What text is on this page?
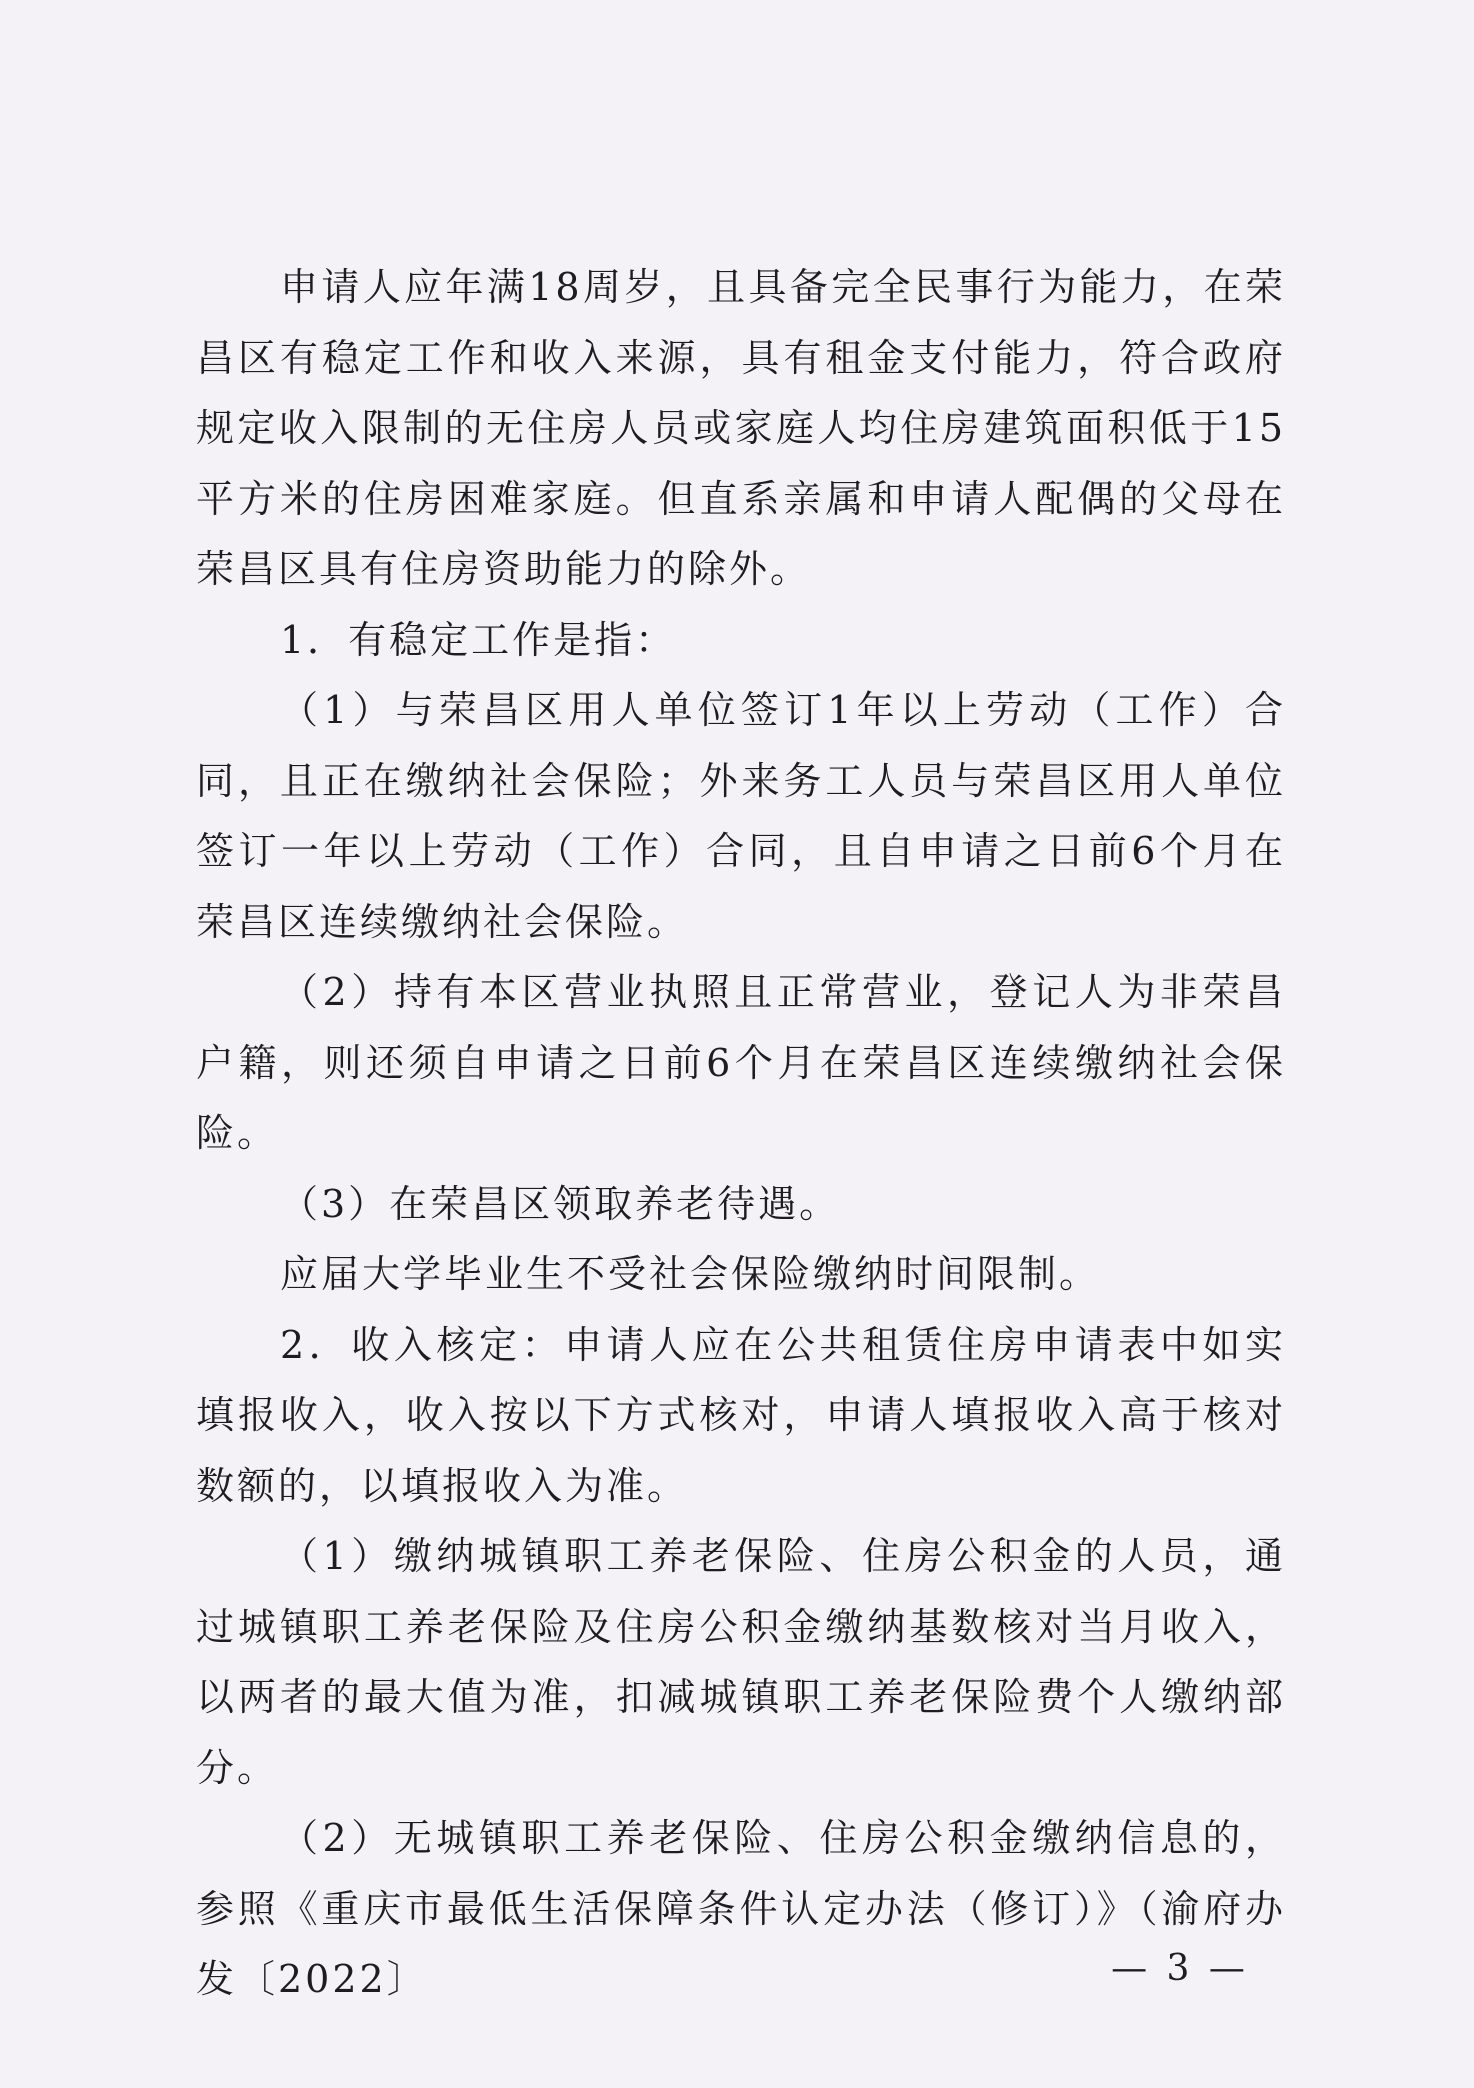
申请人应年满18周岁，且具备完全民事行为能力，在荣昌区有稳定工作和收入来源，具有租金支付能力，符合政府规定收入限制的无住房人员或家庭人均住房建筑面积低于15平方米的住房困难家庭。但直系亲属和申请人配偶的父母在荣昌区具有住房资助能力的除外。

1．有稳定工作是指：

（1）与荣昌区用人单位签订1年以上劳动（工作）合同，且正在缴纳社会保险；外来务工人员与荣昌区用人单位签订一年以上劳动（工作）合同，且自申请之日前6个月在荣昌区连续缴纳社会保险。

（2）持有本区营业执照且正常营业，登记人为非荣昌户籍，则还须自申请之日前6个月在荣昌区连续缴纳社会保险。

（3）在荣昌区领取养老待遇。

应届大学毕业生不受社会保险缴纳时间限制。

2．收入核定：申请人应在公共租赁住房申请表中如实填报收入，收入按以下方式核对，申请人填报收入高于核对数额的，以填报收入为准。

（1）缴纳城镇职工养老保险、住房公积金的人员，通过城镇职工养老保险及住房公积金缴纳基数核对当月收入，以两者的最大值为准，扣减城镇职工养老保险费个人缴纳部分。

（2）无城镇职工养老保险、住房公积金缴纳信息的，参照《重庆市最低生活保障条件认定办法（修订）》（渝府办发〔2022〕	— 3 —
